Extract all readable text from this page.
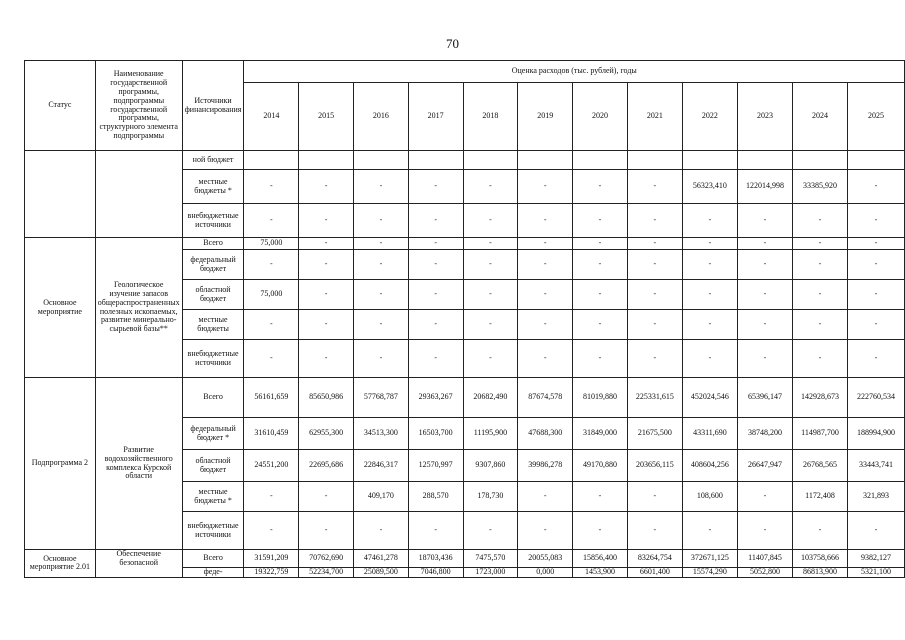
70
Статус	Наименование государственной программы, подпрограммы государственной программы, структурного элемента подпрограммы	Источники финансирования	Оценка расходов (тыс. рублей), годы											
			2014	2015	2016	2017	2018	2019	2020	2021	2022	2023	2024	2025
		ной бюджет												
		местные бюджеты *	-	-	-	-	-	-	-	-	56323,410	122014,998	33385,920	-
		внебюджетные источники	-	-	-	-	-	-	-	-	-	-	-	-
Основное мероприятие	Геологическое изучение запасов общераспространенных полезных ископаемых, развитие минерально-сырьевой базы**	Всего	75,000	-	-	-	-	-	-	-	-	-	-	-
		федеральный бюджет	-	-	-	-	-	-	-	-	-	-	-	-
		областной бюджет	75,000	-	-	-	-	-	-	-	-	-	-	-
		местные бюджеты	-	-	-	-	-	-	-	-	-	-	-	-
		внебюджетные источники	-	-	-	-	-	-	-	-	-	-	-	-
Подпрограмма 2	Развитие водохозяйственного комплекса Курской области	Всего	56161,659	85650,986	57768,787	29363,267	20682,490	87674,578	81019,880	225331,615	452024,546	65396,147	142928,673	222760,534
		федеральный бюджет *	31610,459	62955,300	34513,300	16503,700	11195,900	47688,300	31849,000	21675,500	43311,690	38748,200	114987,700	188994,900
		областной бюджет	24551,200	22695,686	22846,317	12570,997	9307,860	39986,278	49170,880	203656,115	408604,256	26647,947	26768,565	33443,741
		местные бюджеты *	-	-	409,170	288,570	178,730	-	-	-	108,600	-	1172,408	321,893
		внебюджетные источники	-	-	-	-	-	-	-	-	-	-	-	-
Основное мероприятие 2.01	Обеспечение безопасной	Всего	31591,209	70762,690	47461,278	18703,436	7475,570	20055,083	15856,400	83264,754	372671,125	11407,845	103758,666	9382,127
		феде-	19322,759	52234,700	25089,500	7046,800	1723,000	0,000	1453,900	6601,400	15574,290	5052,800	86813,900	5321,100
